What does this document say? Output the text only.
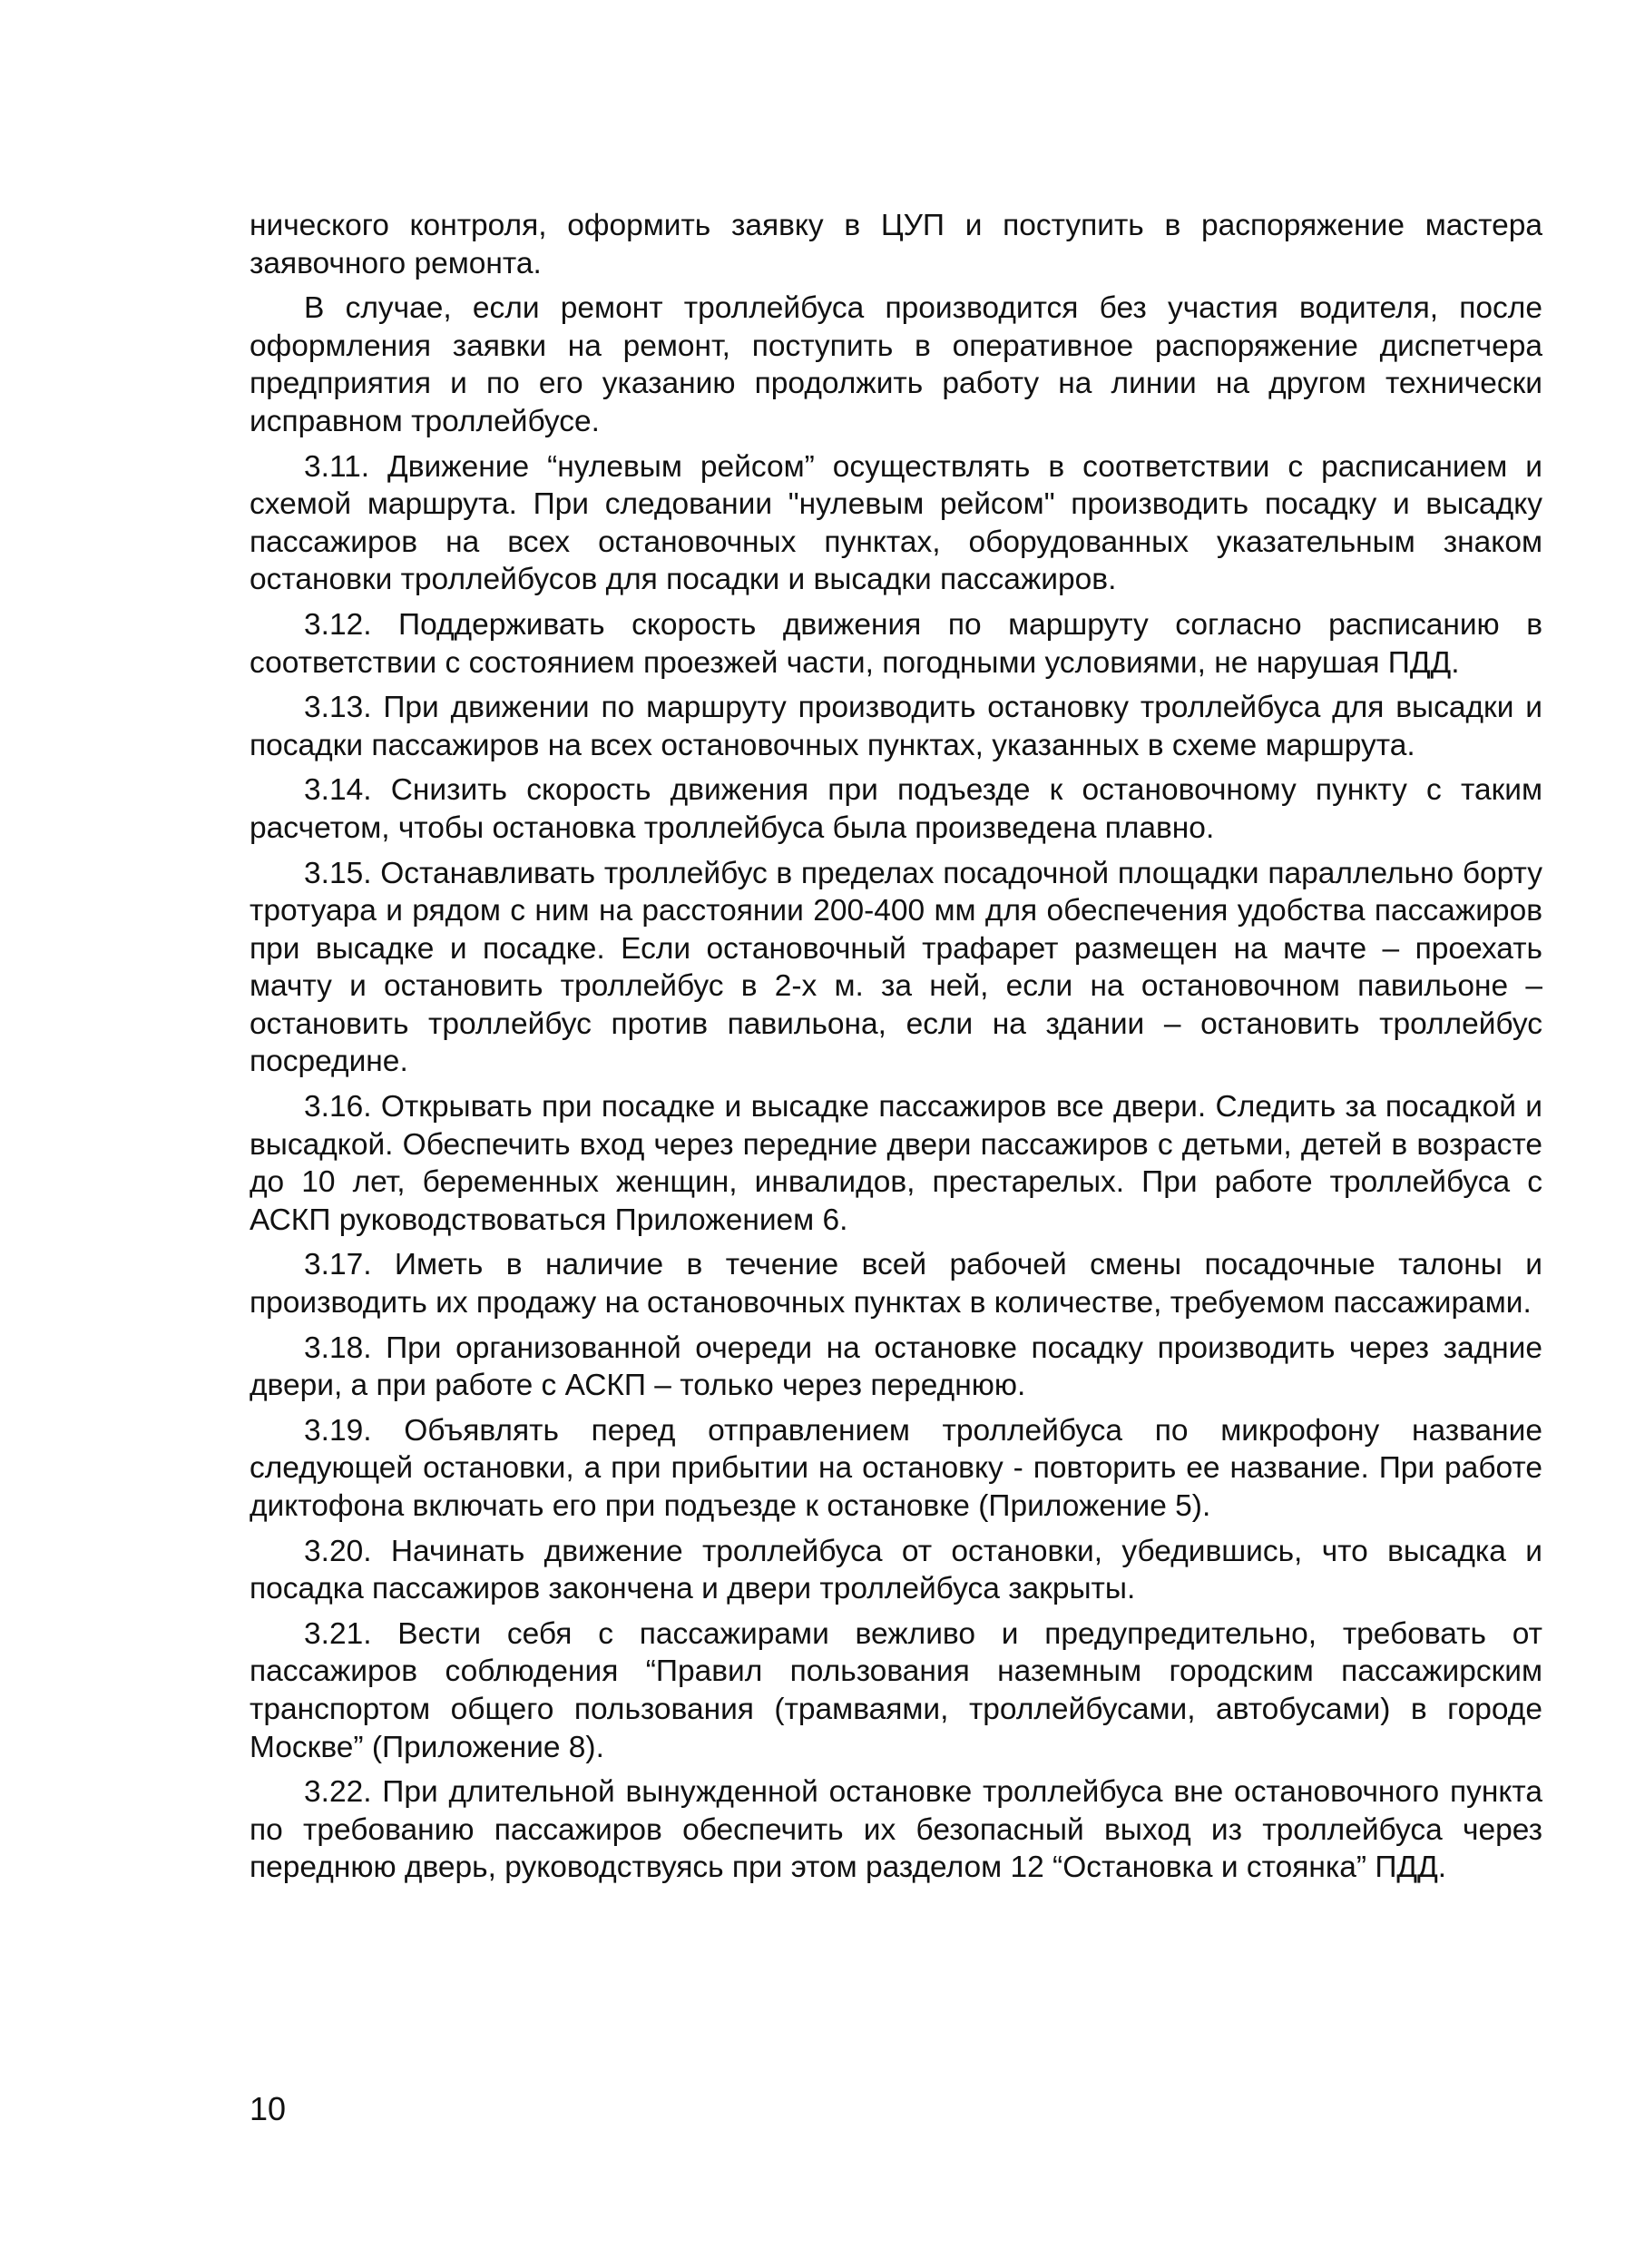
нического контроля, оформить заявку в ЦУП и поступить в распоряжение мастера заявочного ремонта.

В случае, если ремонт троллейбуса производится без участия водителя, после оформления заявки на ремонт, поступить в оперативное распоряжение диспетчера предприятия и по его указанию продолжить работу на линии на другом технически исправном троллейбусе.

3.11. Движение “нулевым рейсом” осуществлять в соответствии с расписанием и схемой маршрута. При следовании "нулевым рейсом" производить посадку и высадку пассажиров на всех остановочных пунктах, оборудованных указательным знаком остановки троллейбусов для посадки и высадки пассажиров.

3.12. Поддерживать скорость движения по маршруту согласно расписанию в соответствии с состоянием проезжей части, погодными условиями, не нарушая ПДД.

3.13. При движении по маршруту производить остановку троллейбуса для высадки и посадки пассажиров на всех остановочных пунктах, указанных в схеме маршрута.

3.14. Снизить скорость движения при подъезде к остановочному пункту с таким расчетом, чтобы остановка троллейбуса была произведена плавно.

3.15. Останавливать троллейбус в пределах посадочной площадки параллельно борту тротуара и рядом с ним на расстоянии 200-400 мм для обеспечения удобства пассажиров при высадке и посадке. Если остановочный трафарет размещен на мачте – проехать мачту и остановить троллейбус в 2-х м. за ней, если на остановочном павильоне – остановить троллейбус против павильона, если на здании – остановить троллейбус посредине.

3.16. Открывать при посадке и высадке пассажиров все двери. Следить за посадкой и высадкой. Обеспечить вход через передние двери пассажиров с детьми, детей в возрасте до 10 лет, беременных женщин, инвалидов, престарелых. При работе троллейбуса с АСКП руководствоваться Приложением 6.

3.17. Иметь в наличие в течение всей рабочей смены посадочные талоны и производить их продажу на остановочных пунктах в количестве, требуемом пассажирами.

3.18. При организованной очереди на остановке посадку производить через задние двери, а при работе с АСКП – только через переднюю.

3.19. Объявлять перед отправлением троллейбуса по микрофону название следующей остановки, а при прибытии на остановку - повторить ее название. При работе диктофона включать его при подъезде к остановке (Приложение 5).

3.20. Начинать движение троллейбуса от остановки, убедившись, что высадка и посадка пассажиров закончена и двери троллейбуса закрыты.

3.21. Вести себя с пассажирами вежливо и предупредительно, требовать от пассажиров соблюдения “Правил пользования наземным городским пассажирским транспортом общего пользования (трамваями, троллейбусами, автобусами) в городе Москве” (Приложение 8).

3.22. При длительной вынужденной остановке троллейбуса вне остановочного пункта по требованию пассажиров обеспечить их безопасный выход из троллейбуса через переднюю дверь, руководствуясь при этом разделом 12 “Остановка и стоянка” ПДД.

10
